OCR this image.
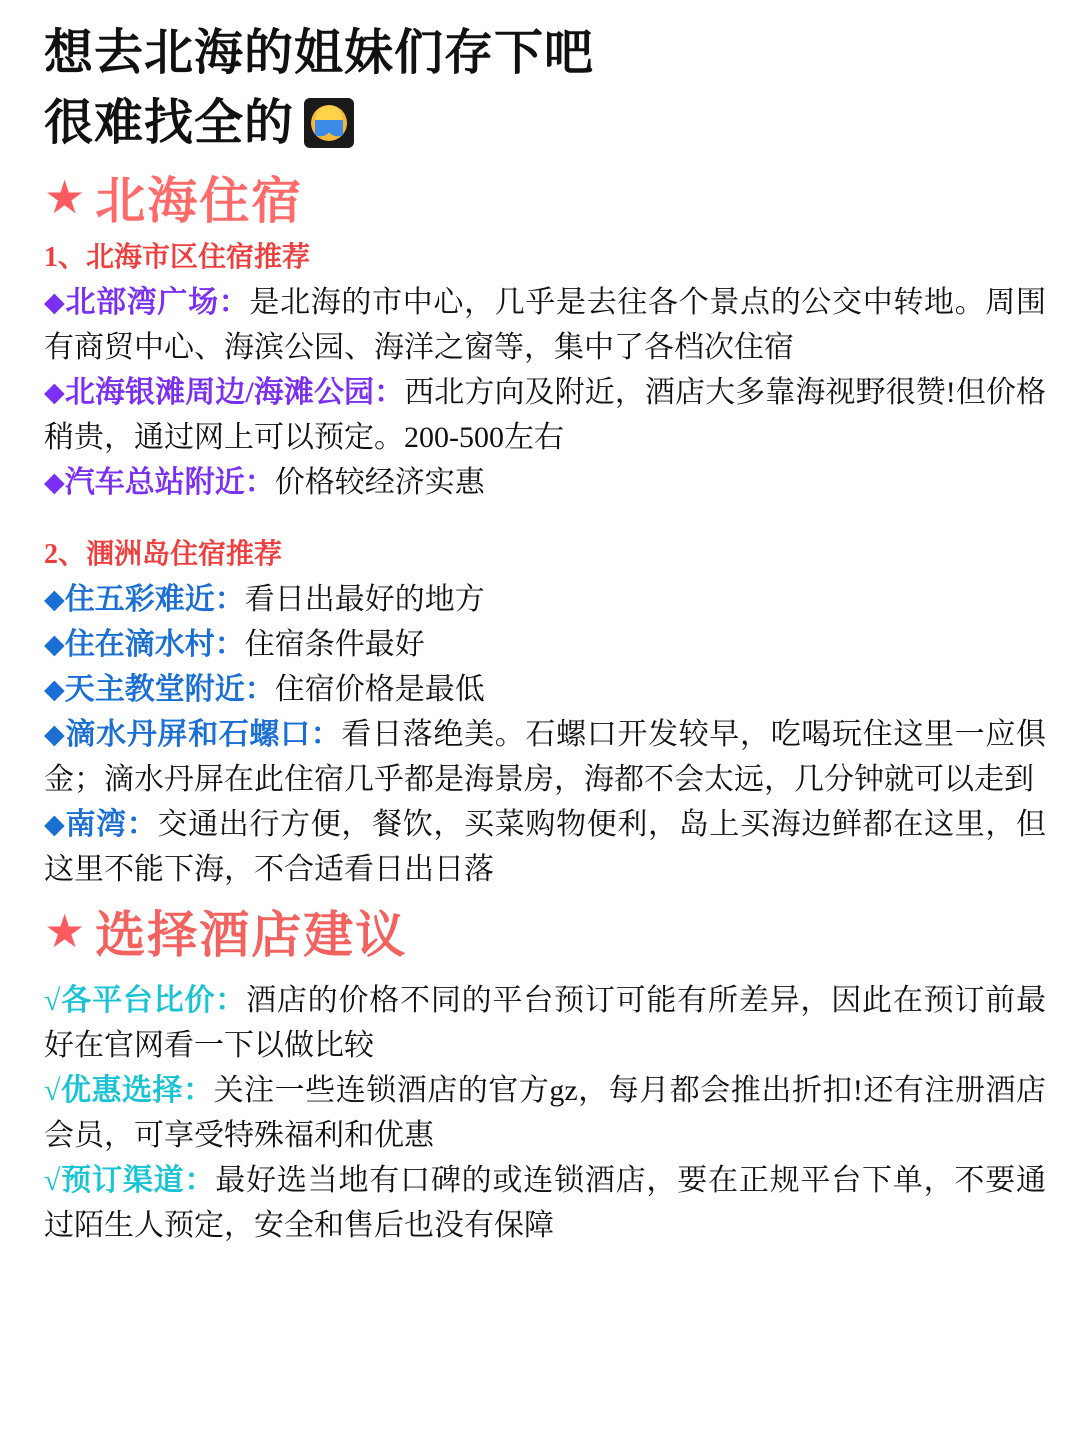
想去北海的姐妹们存下吧
很难找全的
★ 北海住宿
1、北海市区住宿推荐

◆北部湾广场：是北海的市中心，几乎是去往各个景点的公交中转地。周围有商贸中心、海滨公园、海洋之窗等，集中了各档次住宿

◆北海银滩周边/海滩公园：西北方向及附近，酒店大多靠海视野很赞!但价格稍贵，通过网上可以预定。200-500左右

◆汽车总站附近：价格较经济实惠

2、涠洲岛住宿推荐

◆住五彩难近：看日出最好的地方

◆住在滴水村：住宿条件最好

◆天主教堂附近：住宿价格是最低

◆滴水丹屏和石螺口：看日落绝美。石螺口开发较早，吃喝玩住这里一应俱金；滴水丹屏在此住宿几乎都是海景房，海都不会太远，几分钟就可以走到

◆南湾：交通出行方便，餐饮，买菜购物便利，岛上买海边鲜都在这里，但这里不能下海，不合适看日出日落

★ 选择酒店建议

√各平台比价：酒店的价格不同的平台预订可能有所差异，因此在预订前最好在官网看一下以做比较

√优惠选择：关注一些连锁酒店的官方gz，每月都会推出折扣!还有注册酒店会员，可享受特殊福利和优惠

√预订渠道：最好选当地有口碑的或连锁酒店，要在正规平台下单，不要通过陌生人预定，安全和售后也没有保障
